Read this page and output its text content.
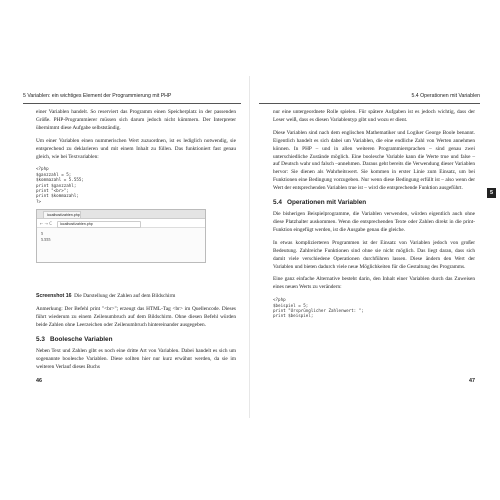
5 Variablen: ein wichtiges Element der Programmierung mit PHP

einer Variablen handelt. So reserviert das Programm einen Speicherplatz in der passenden Größe. PHP-Programmierer müssen sich darum jedoch nicht kümmern. Der Interpreter übernimmt diese Aufgabe selbstständig.

Um einer Variablen einen nummerischen Wert zuzuordnen, ist es lediglich notwendig, sie entsprechend zu deklarieren und mit einem Inhalt zu füllen. Das funktioniert fast genau gleich, wie bei Textvariablen:

<?php
$ganzzahl = 5;
$kommazahl = 5.555;
print $ganzzahl;
print "<br>";
print $kommazahl;
?>
localhost/zahlen.php
← → C	localhost/zahlen.php
5
5.555

Screenshot 16 Die Darstellung der Zahlen auf dem Bildschirm

Anmerkung: Der Befehl print "<br>"; erzeugt das HTML-Tag <br> im Quellencode. Dieses führt wiederum zu einem Zeilenumbruch auf dem Bildschirm. Ohne diesen Befehl würden beide Zahlen ohne Leerzeichen oder Zeilenumbruch hintereinander ausgegeben.

5.3 Boolesche Variablen

Neben Text und Zahlen gibt es noch eine dritte Art von Variablen. Dabei handelt es sich um sogenannte boolesche Variablen. Diese sollten hier nur kurz erwähnt werden, da sie im weiteren Verlauf dieses Buchs

46
5.4 Operationen mit Variablen

nur eine untergeordnete Rolle spielen. Für spätere Aufgaben ist es jedoch wichtig, dass der Leser weiß, dass es diesen Variablentyp gibt und wozu er dient.

Diese Variablen sind nach dem englischen Mathematiker und Logiker George Boole benannt. Eigentlich handelt es sich dabei um Variablen, die eine endliche Zahl von Werten annehmen können. In PHP – und in allen weiteren Programmiersprachen – sind genau zwei unterschiedliche Zustände möglich. Eine boolesche Variable kann die Werte true und false – auf Deutsch wahr und falsch –annehmen. Daraus geht bereits die Verwendung dieser Variablen hervor: Sie dienen als Wahrheitswert. Sie kommen in erster Linie zum Einsatz, um bei Funktionen eine Bedingung vorzugeben. Nur wenn diese Bedingung erfüllt ist – also wenn der Wert der entsprechenden Variablen true ist – wird die entsprechende Funktion ausgeführt.

5.4 Operationen mit Variablen

Die bisherigen Beispielprogramme, die Variablen verwenden, würden eigentlich auch ohne diese Platzhalter auskommen. Wenn die entsprechenden Texte oder Zahlen direkt in die print-Funktion eingefügt werden, ist die Ausgabe genau die gleiche.

In etwas komplizierteren Programmen ist der Einsatz von Variablen jedoch von großer Bedeutung. Zahlreiche Funktionen sind ohne sie nicht möglich. Das liegt daran, dass sich damit viele verschiedene Operationen durchführen lassen. Diese ändern den Wert der Variablen und bieten dadurch viele neue Möglichkeiten für die Gestaltung des Programms.

Eine ganz einfache Alternative besteht darin, den Inhalt einer Variablen durch das Zuweisen eines neuen Werts zu verändern:

<?php
$beispiel = 5;
print "Ursprünglicher Zahlenwert: ";
print $beispiel;
5
47
